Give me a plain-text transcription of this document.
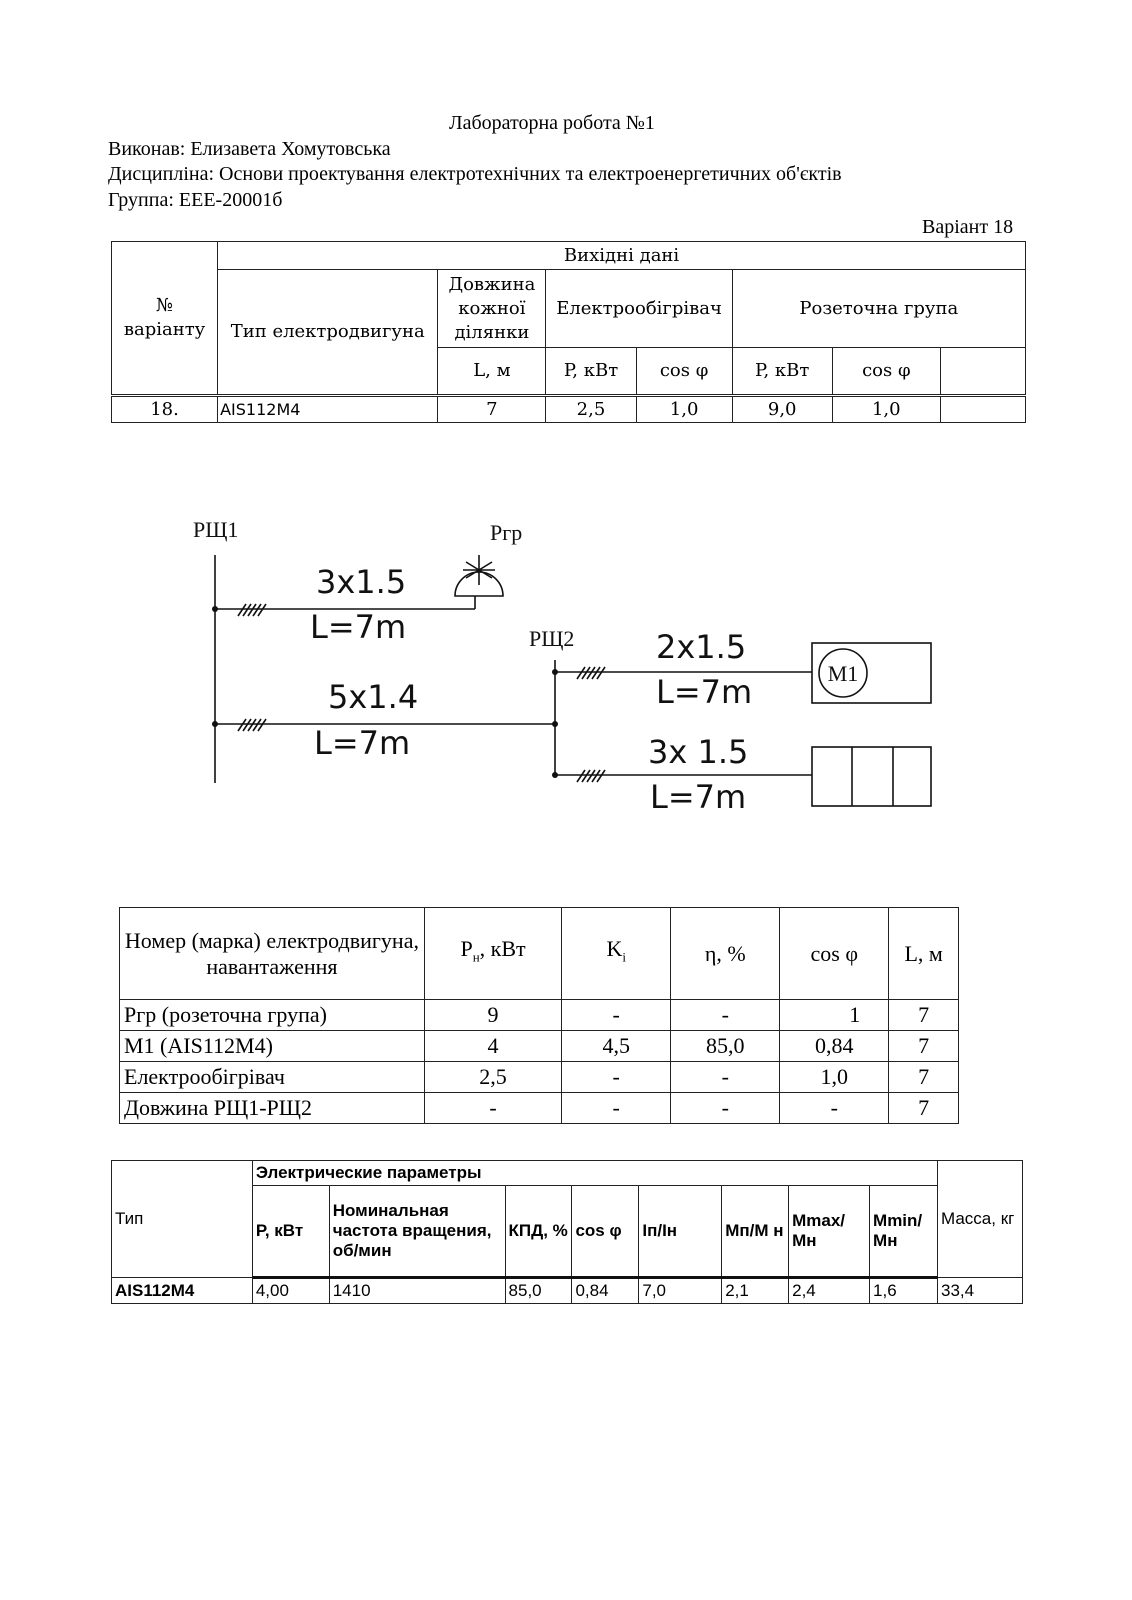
Лабораторна робота №1
Виконав: Елизавета Хомутовська
Дисципліна: Основи проектування електротехнічних та електроенергетичних об'єктів
Группа: ЕЕЕ-20001б
Варіант 18
№ варіанту	Вихідні дані						
	Тип електродвигуна	Довжина кожної ділянки	Електрообігрівач		Розеточна група		
		L, м	P, кВт	cos φ	P, кВт	cos φ	
18.	AIS112M4	7	2,5	1,0	9,0	1,0	
РЩ1
РЩ2
Ргр
3x1.5
L=7m
5x1.4
L=7m
2x1.5
L=7m
3x 1.5
L=7m
M1
Номер (марка) електродвигуна, навантаження	$P_н$, кВт	$K_i$	η, %	cos φ	L, м
Ргр (розеточна група)	9	-	-	1	7
M1 (AIS112M4)	4	4,5	85,0	0,84	7
Електрообігрівач	2,5	-	-	1,0	7
Довжина РЩ1-РЩ2	-	-	-	-	7
Тип	Электрические параметры								Масса, кг
	Р, кВт	Номинальная частота вращения, об/мин	КПД, %	cos φ	Iп/Iн	Мп/М н	Mmax/ Мн	Mmin/ Мн	
AIS112M4	4,00	1410	85,0	0,84	7,0	2,1	2,4	1,6	33,4
